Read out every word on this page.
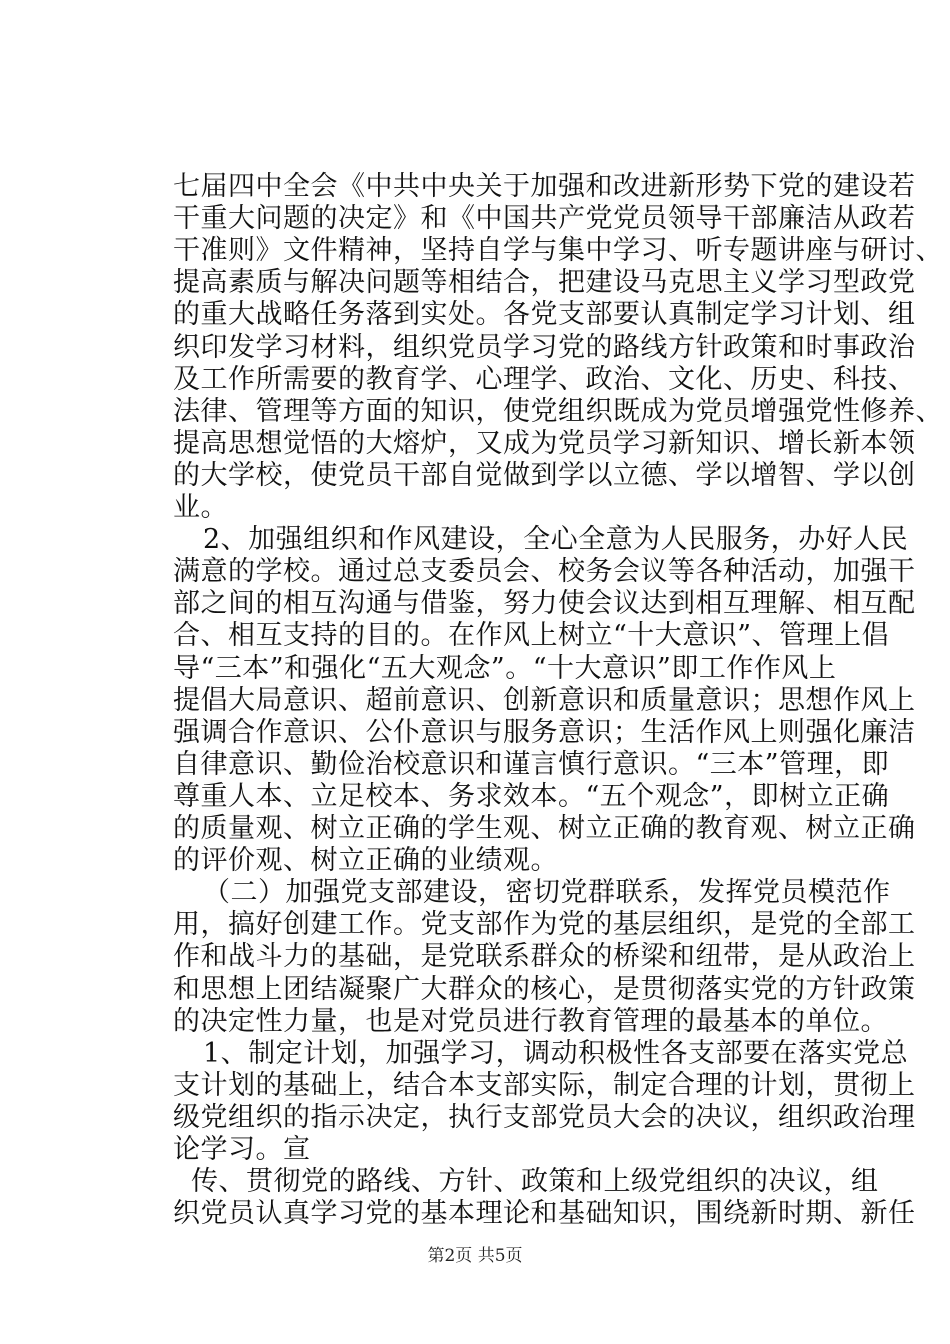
七届四中全会《中共中央关于加强和改进新形势下党的建设若
干重大问题的决定》和《中国共产党党员领导干部廉洁从政若
干准则》文件精神，坚持自学与集中学习、听专题讲座与研讨、
提高素质与解决问题等相结合，把建设马克思主义学习型政党
的重大战略任务落到实处。各党支部要认真制定学习计划、组
织印发学习材料，组织党员学习党的路线方针政策和时事政治
及工作所需要的教育学、心理学、政治、文化、历史、科技、
法律、管理等方面的知识，使党组织既成为党员增强党性修养、
提高思想觉悟的大熔炉，又成为党员学习新知识、增长新本领
的大学校，使党员干部自觉做到学以立德、学以增智、学以创
业。
2、加强组织和作风建设，全心全意为人民服务，办好人民
满意的学校。通过总支委员会、校务会议等各种活动，加强干
部之间的相互沟通与借鉴，努力使会议达到相互理解、相互配
合、相互支持的目的。在作风上树立“十大意识”、管理上倡
导“三本”和强化“五大观念”。“十大意识”即工作作风上
提倡大局意识、超前意识、创新意识和质量意识；思想作风上
强调合作意识、公仆意识与服务意识；生活作风上则强化廉洁
自律意识、勤俭治校意识和谨言慎行意识。“三本”管理，即
尊重人本、立足校本、务求效本。“五个观念”，即树立正确
的质量观、树立正确的学生观、树立正确的教育观、树立正确
的评价观、树立正确的业绩观。
（二）加强党支部建设，密切党群联系，发挥党员模范作
用，搞好创建工作。党支部作为党的基层组织，是党的全部工
作和战斗力的基础，是党联系群众的桥梁和纽带，是从政治上
和思想上团结凝聚广大群众的核心，是贯彻落实党的方针政策
的决定性力量，也是对党员进行教育管理的最基本的单位。
1、制定计划，加强学习，调动积极性各支部要在落实党总
支计划的基础上，结合本支部实际，制定合理的计划，贯彻上
级党组织的指示决定，执行支部党员大会的决议，组织政治理
论学习。宣
传、贯彻党的路线、方针、政策和上级党组织的决议，组
织党员认真学习党的基本理论和基础知识，围绕新时期、新任
第2页 共5页
